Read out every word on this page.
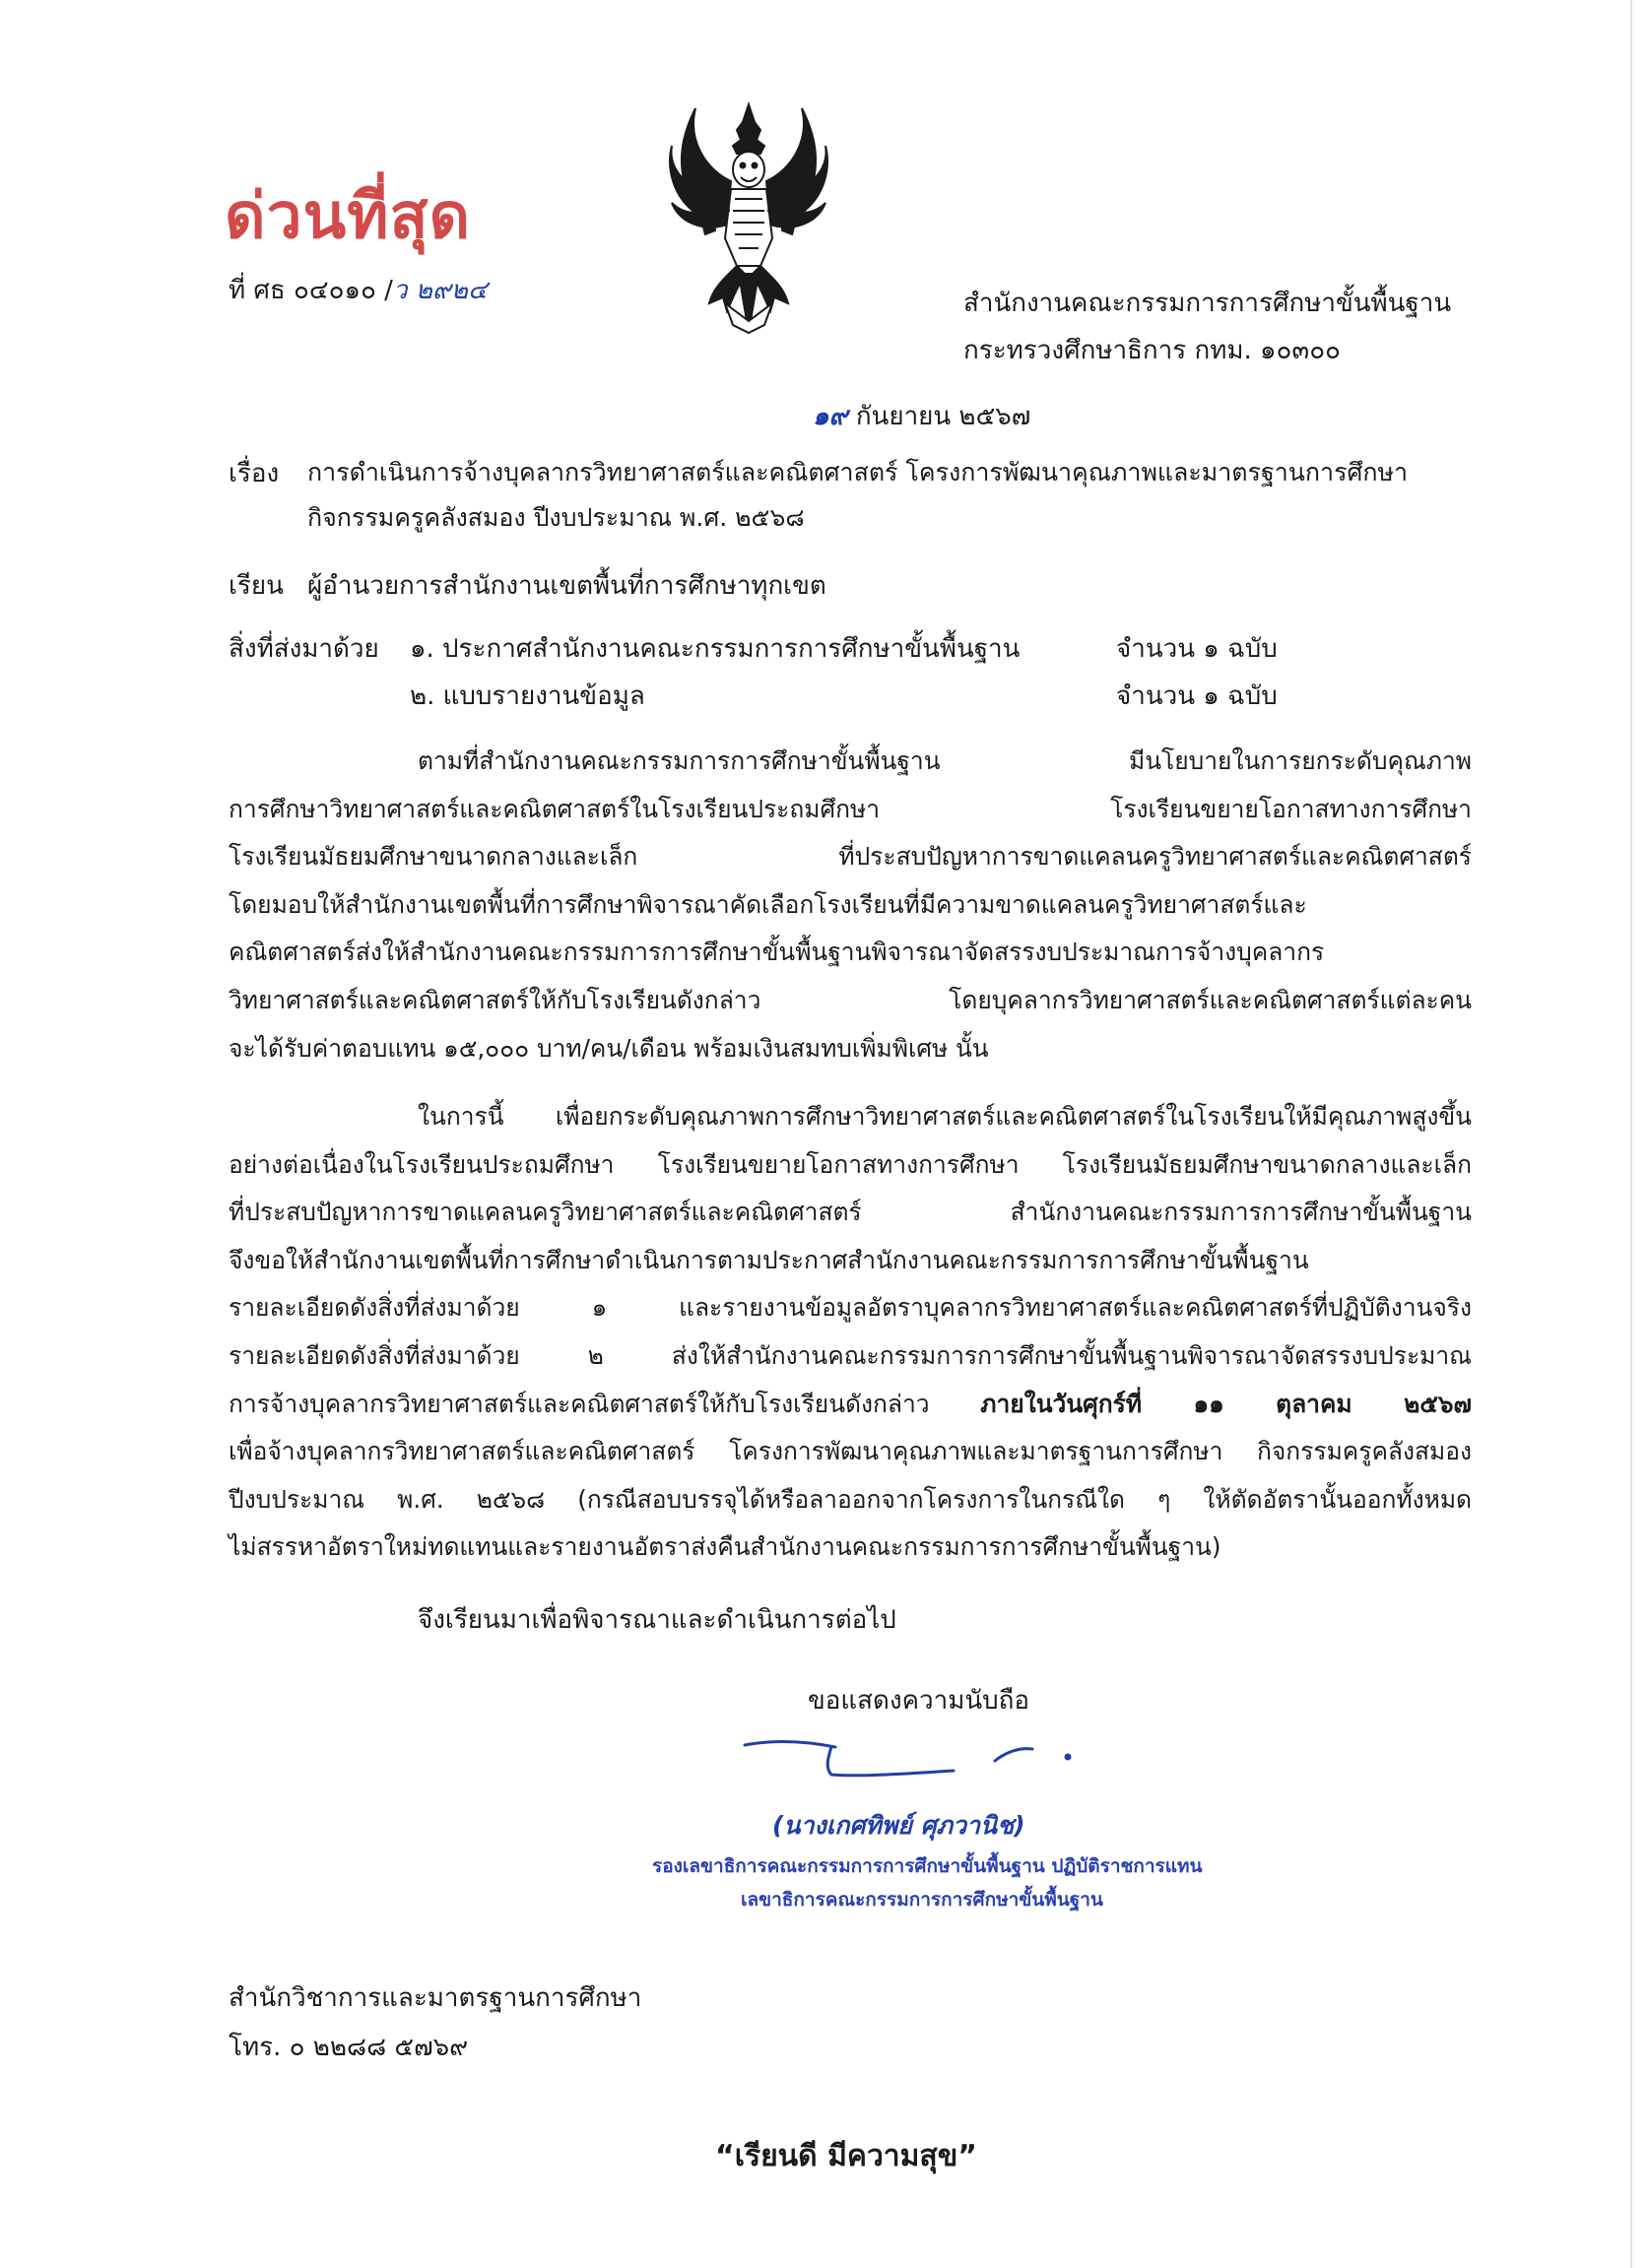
ด่วนที่สุด
ที่ ศธ ๐๔๐๑๐ /ว ๒๙๒๔	สำนักงานคณะกรรมการการศึกษาขั้นพื้นฐาน
กระทรวงศึกษาธิการ กทม. ๑๐๓๐๐
๑๙ กันยายน ๒๕๖๗
เรื่อง การดำเนินการจ้างบุคลากรวิทยาศาสตร์และคณิตศาสตร์ โครงการพัฒนาคุณภาพและมาตรฐานการศึกษา
กิจกรรมครูคลังสมอง ปีงบประมาณ พ.ศ. ๒๕๖๘
เรียน ผู้อำนวยการสำนักงานเขตพื้นที่การศึกษาทุกเขต
สิ่งที่ส่งมาด้วย ๑. ประกาศสำนักงานคณะกรรมการการศึกษาขั้นพื้นฐาน	จำนวน ๑ ฉบับ
๒. แบบรายงานข้อมูล	จำนวน ๑ ฉบับ
ตามที่สำนักงานคณะกรรมการการศึกษาขั้นพื้นฐาน มีนโยบายในการยกระดับคุณภาพ
การศึกษาวิทยาศาสตร์และคณิตศาสตร์ในโรงเรียนประถมศึกษา โรงเรียนขยายโอกาสทางการศึกษา
โรงเรียนมัธยมศึกษาขนาดกลางและเล็ก ที่ประสบปัญหาการขาดแคลนครูวิทยาศาสตร์และคณิตศาสตร์
โดยมอบให้สำนักงานเขตพื้นที่การศึกษาพิจารณาคัดเลือกโรงเรียนที่มีความขาดแคลนครูวิทยาศาสตร์และ
คณิตศาสตร์ส่งให้สำนักงานคณะกรรมการการศึกษาขั้นพื้นฐานพิจารณาจัดสรรงบประมาณการจ้างบุคลากร
วิทยาศาสตร์และคณิตศาสตร์ให้กับโรงเรียนดังกล่าว โดยบุคลากรวิทยาศาสตร์และคณิตศาสตร์แต่ละคน
จะได้รับค่าตอบแทน ๑๕,๐๐๐ บาท/คน/เดือน พร้อมเงินสมทบเพิ่มพิเศษ นั้น
ในการนี้ เพื่อยกระดับคุณภาพการศึกษาวิทยาศาสตร์และคณิตศาสตร์ในโรงเรียนให้มีคุณภาพสูงขึ้น
อย่างต่อเนื่องในโรงเรียนประถมศึกษา โรงเรียนขยายโอกาสทางการศึกษา โรงเรียนมัธยมศึกษาขนาดกลางและเล็ก
ที่ประสบปัญหาการขาดแคลนครูวิทยาศาสตร์และคณิตศาสตร์ สำนักงานคณะกรรมการการศึกษาขั้นพื้นฐาน
จึงขอให้สำนักงานเขตพื้นที่การศึกษาดำเนินการตามประกาศสำนักงานคณะกรรมการการศึกษาขั้นพื้นฐาน
รายละเอียดดังสิ่งที่ส่งมาด้วย ๑ และรายงานข้อมูลอัตราบุคลากรวิทยาศาสตร์และคณิตศาสตร์ที่ปฏิบัติงานจริง
รายละเอียดดังสิ่งที่ส่งมาด้วย ๒ ส่งให้สำนักงานคณะกรรมการการศึกษาขั้นพื้นฐานพิจารณาจัดสรรงบประมาณ
การจ้างบุคลากรวิทยาศาสตร์และคณิตศาสตร์ให้กับโรงเรียนดังกล่าว ภายในวันศุกร์ที่ ๑๑ ตุลาคม ๒๕๖๗
เพื่อจ้างบุคลากรวิทยาศาสตร์และคณิตศาสตร์ โครงการพัฒนาคุณภาพและมาตรฐานการศึกษา กิจกรรมครูคลังสมอง
ปีงบประมาณ พ.ศ. ๒๕๖๘ (กรณีสอบบรรจุได้หรือลาออกจากโครงการในกรณีใด ๆ ให้ตัดอัตรานั้นออกทั้งหมด
ไม่สรรหาอัตราใหม่ทดแทนและรายงานอัตราส่งคืนสำนักงานคณะกรรมการการศึกษาขั้นพื้นฐาน)
จึงเรียนมาเพื่อพิจารณาและดำเนินการต่อไป
ขอแสดงความนับถือ
(นางเกศทิพย์ ศุภวานิช)
รองเลขาธิการคณะกรรมการการศึกษาขั้นพื้นฐาน ปฏิบัติราชการแทน
เลขาธิการคณะกรรมการการศึกษาขั้นพื้นฐาน
สำนักวิชาการและมาตรฐานการศึกษา
โทร. ๐ ๒๒๘๘ ๕๗๖๙
“เรียนดี มีความสุข”
